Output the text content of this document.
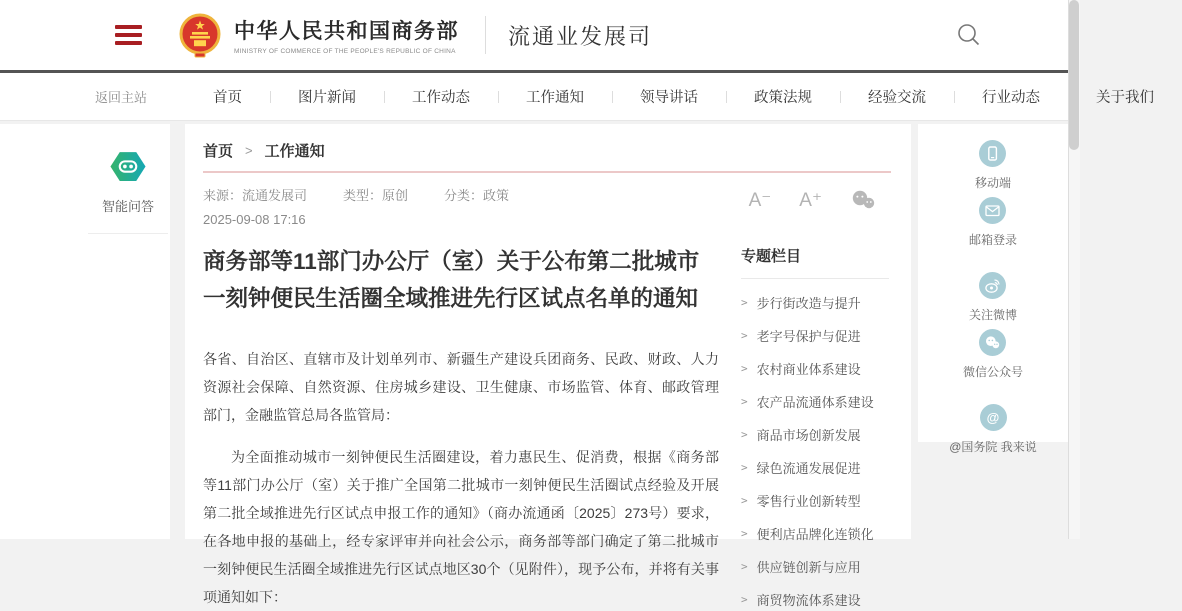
中华人民共和国商务部
MINISTRY OF COMMERCE OF THE PEOPLE'S REPUBLIC OF CHINA
流通业发展司
返回主站	首页	图片新闻	工作动态	工作通知	领导讲话	政策法规	经验交流	行业动态	关于我们
智能问答
首页 > 工作通知
来源：流通发展司	类型：原创	分类：政策
2025-09-08 17:16
A⁻ A⁺
商务部等11部门办公厅（室）关于公布第二批城市一刻钟便民生活圈全域推进先行区试点名单的通知
各省、自治区、直辖市及计划单列市、新疆生产建设兵团商务、民政、财政、人力资源社会保障、自然资源、住房城乡建设、卫生健康、市场监管、体育、邮政管理部门，金融监管总局各监管局：
为全面推动城市一刻钟便民生活圈建设，着力惠民生、促消费，根据《商务部等11部门办公厅（室）关于推广全国第二批城市一刻钟便民生活圈试点经验及开展第二批全域推进先行区试点申报工作的通知》（商办流通函〔2025〕273号）要求，在各地申报的基础上，经专家评审并向社会公示，商务部等部门确定了第二批城市一刻钟便民生活圈全域推进先行区试点地区30个（见附件），现予公布，并将有关事项通知如下：
专题栏目
> 步行街改造与提升
> 老字号保护与促进
> 农村商业体系建设
> 农产品流通体系建设
> 商品市场创新发展
> 绿色流通发展促进
> 零售行业创新转型
> 便利店品牌化连锁化
> 供应链创新与应用
> 商贸物流体系建设
移动端
邮箱登录
关注微博
微信公众号
@
@国务院 我来说
